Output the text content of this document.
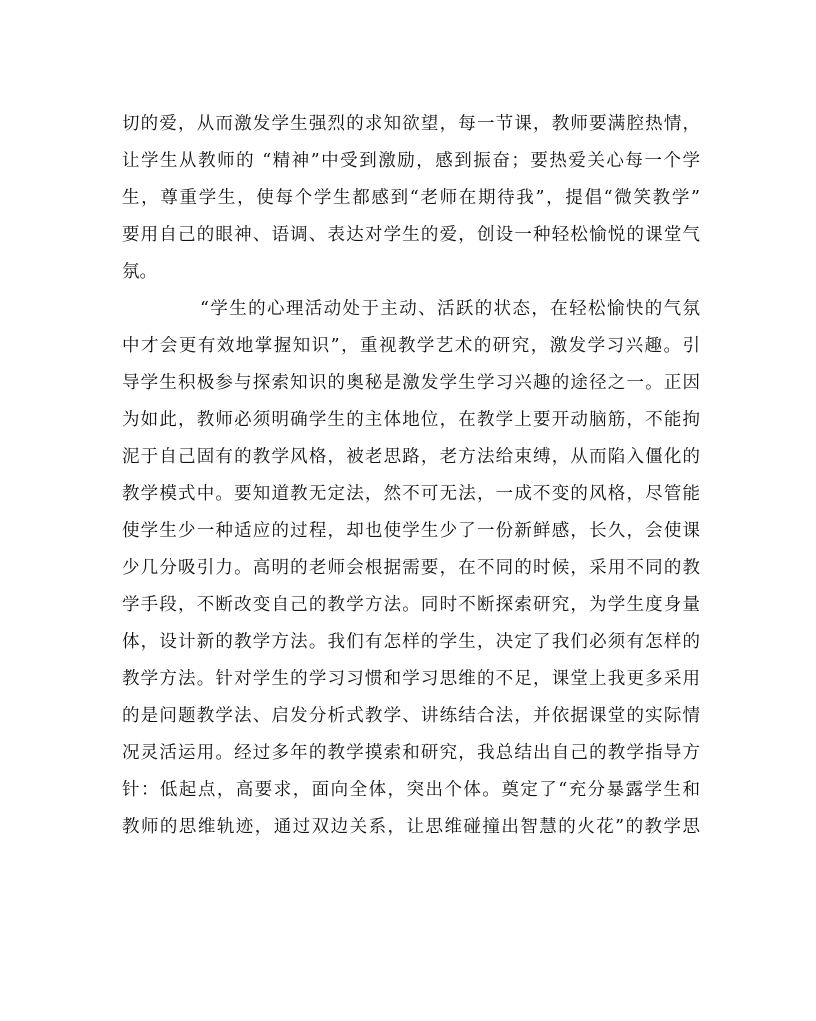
切的爱，从而激发学生强烈的求知欲望，每一节课，教师要满腔热情，
让学生从教师的 “精神”中受到激励，感到振奋；要热爱关心每一个学
生，尊重学生，使每个学生都感到“老师在期待我”，提倡“微笑教学”
要用自己的眼神、语调、表达对学生的爱，创设一种轻松愉悦的课堂气
氛。
“学生的心理活动处于主动、活跃的状态，在轻松愉快的气氛
中才会更有效地掌握知识”，重视教学艺术的研究，激发学习兴趣。引
导学生积极参与探索知识的奥秘是激发学生学习兴趣的途径之一。正因
为如此，教师必须明确学生的主体地位，在教学上要开动脑筋，不能拘
泥于自己固有的教学风格，被老思路，老方法给束缚，从而陷入僵化的
教学模式中。要知道教无定法，然不可无法，一成不变的风格，尽管能
使学生少一种适应的过程，却也使学生少了一份新鲜感，长久，会使课
少几分吸引力。高明的老师会根据需要，在不同的时候，采用不同的教
学手段，不断改变自己的教学方法。同时不断探索研究，为学生度身量
体，设计新的教学方法。我们有怎样的学生，决定了我们必须有怎样的
教学方法。针对学生的学习习惯和学习思维的不足，课堂上我更多采用
的是问题教学法、启发分析式教学、讲练结合法，并依据课堂的实际情
况灵活运用。经过多年的教学摸索和研究，我总结出自己的教学指导方
针：低起点，高要求，面向全体，突出个体。奠定了“充分暴露学生和
教师的思维轨迹，通过双边关系，让思维碰撞出智慧的火花”的教学思
